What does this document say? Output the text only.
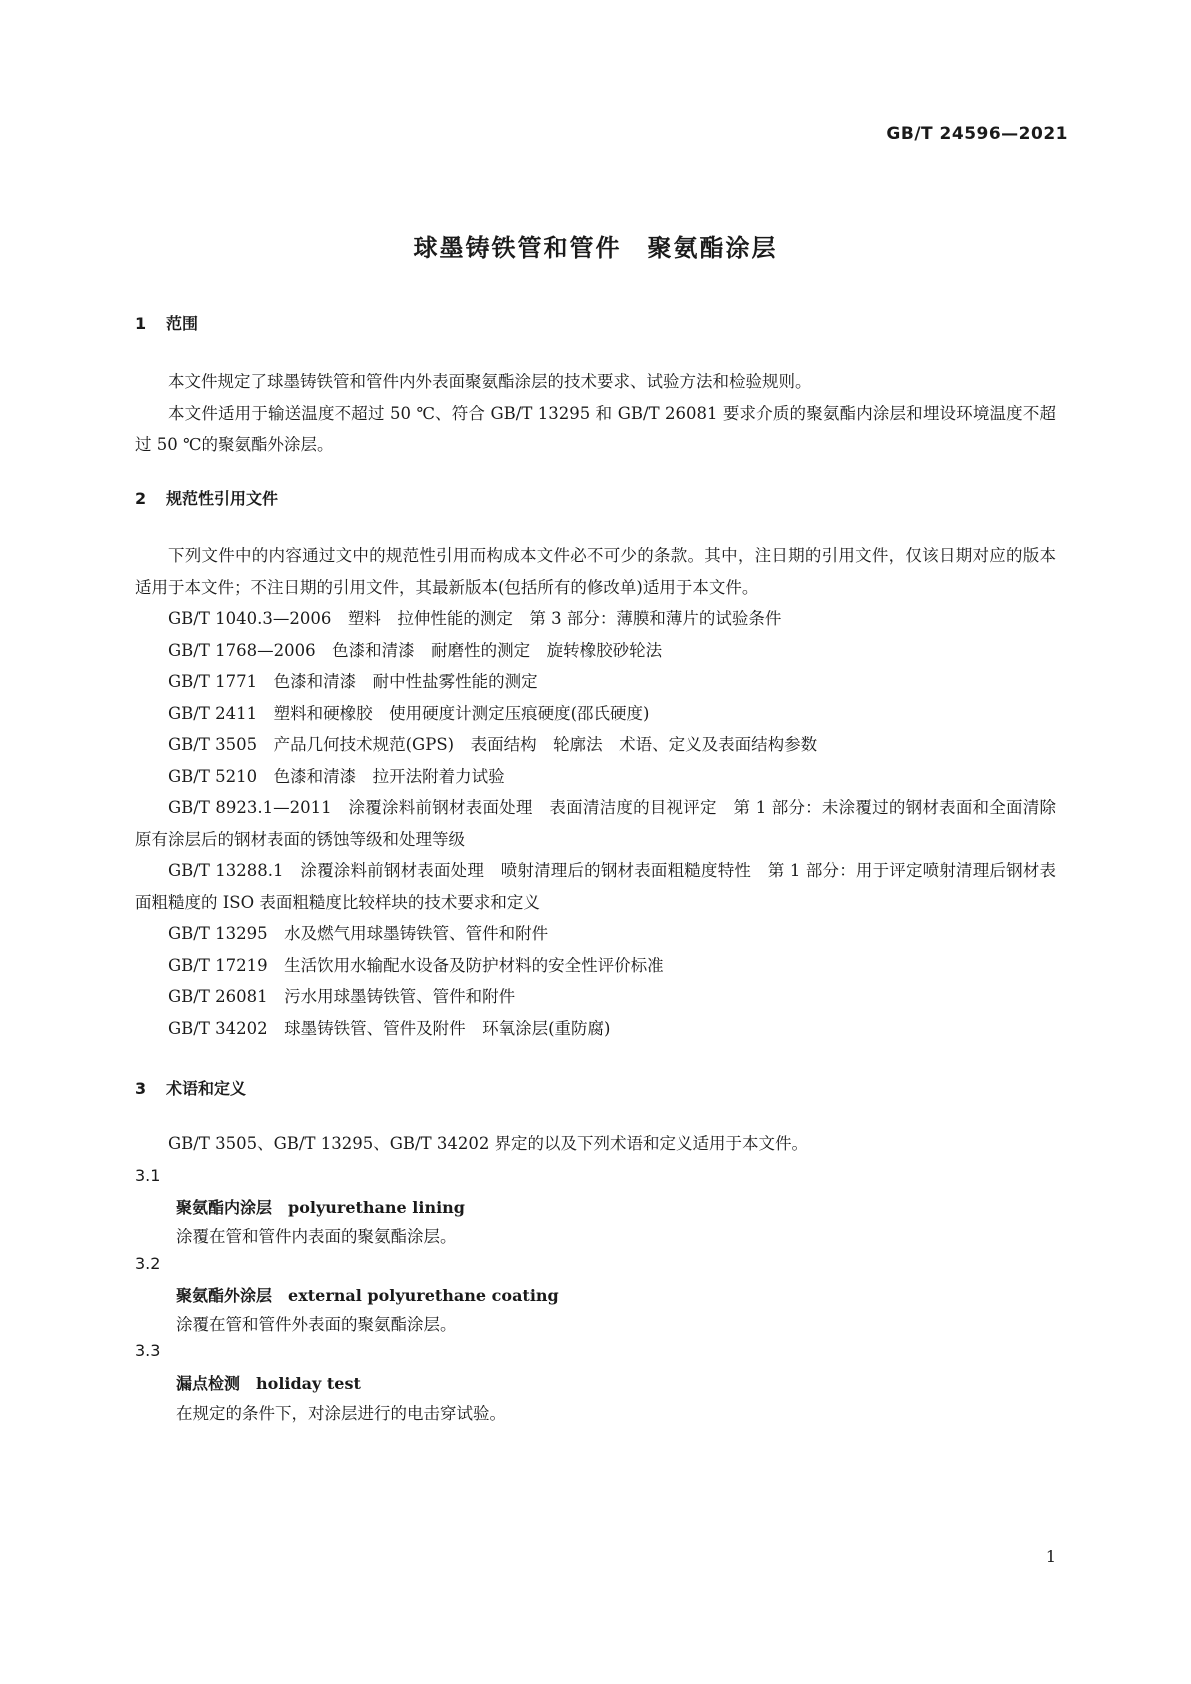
GB/T 24596—2021
球墨铸铁管和管件　聚氨酯涂层
1 范围

本文件规定了球墨铸铁管和管件内外表面聚氨酯涂层的技术要求、试验方法和检验规则。

本文件适用于输送温度不超过 50 ℃、符合 GB/T 13295 和 GB/T 26081 要求介质的聚氨酯内涂层和埋设环境温度不超过 50 ℃的聚氨酯外涂层。

2 规范性引用文件

下列文件中的内容通过文中的规范性引用而构成本文件必不可少的条款。其中，注日期的引用文件，仅该日期对应的版本适用于本文件；不注日期的引用文件，其最新版本(包括所有的修改单)适用于本文件。

GB/T 1040.3—2006　塑料　拉伸性能的测定　第 3 部分：薄膜和薄片的试验条件

GB/T 1768—2006　色漆和清漆　耐磨性的测定　旋转橡胶砂轮法

GB/T 1771　色漆和清漆　耐中性盐雾性能的测定

GB/T 2411　塑料和硬橡胶　使用硬度计测定压痕硬度(邵氏硬度)

GB/T 3505　产品几何技术规范(GPS)　表面结构　轮廓法　术语、定义及表面结构参数

GB/T 5210　色漆和清漆　拉开法附着力试验

GB/T 8923.1—2011　涂覆涂料前钢材表面处理　表面清洁度的目视评定　第 1 部分：未涂覆过的钢材表面和全面清除原有涂层后的钢材表面的锈蚀等级和处理等级

GB/T 13288.1　涂覆涂料前钢材表面处理　喷射清理后的钢材表面粗糙度特性　第 1 部分：用于评定喷射清理后钢材表面粗糙度的 ISO 表面粗糙度比较样块的技术要求和定义

GB/T 13295　水及燃气用球墨铸铁管、管件和附件

GB/T 17219　生活饮用水输配水设备及防护材料的安全性评价标准

GB/T 26081　污水用球墨铸铁管、管件和附件

GB/T 34202　球墨铸铁管、管件及附件　环氧涂层(重防腐)

3 术语和定义

GB/T 3505、GB/T 13295、GB/T 34202 界定的以及下列术语和定义适用于本文件。

3.1
聚氨酯内涂层　 polyurethane lining
涂覆在管和管件内表面的聚氨酯涂层。
3.2
聚氨酯外涂层　 external polyurethane coating
涂覆在管和管件外表面的聚氨酯涂层。
3.3
漏点检测　 holiday test
在规定的条件下，对涂层进行的电击穿试验。
1
